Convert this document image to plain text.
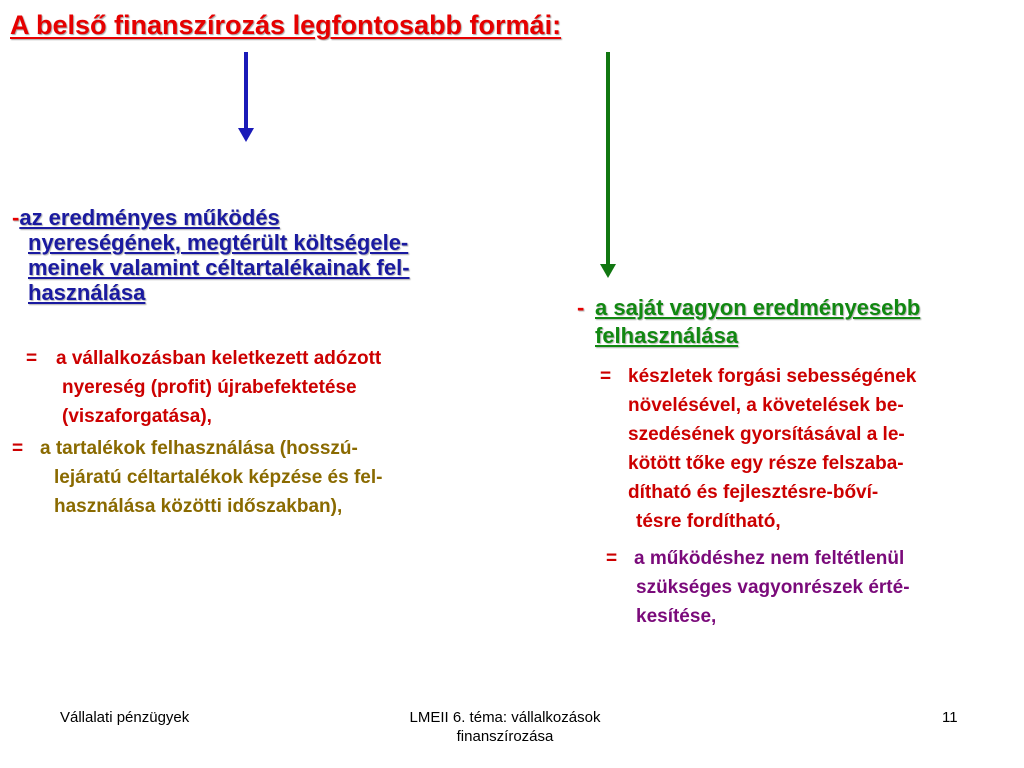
A belső finanszírozás legfontosabb formái:
-az eredményes működés
nyereségének, megtérült költségele-
meinek valamint céltartalékainak fel-
használása
= a vállalkozásban keletkezett adózott
nyereség (profit) újrabefektetése
(viszaforgatása),
= a tartalékok felhasználása (hosszú-
lejáratú céltartalékok képzése és fel-
használása közötti időszakban),
- a saját vagyon eredményesebb
felhasználása
= készletek forgási sebességének
növelésével, a követelések be-
szedésének gyorsításával a le-
kötött tőke egy része felszaba-
dítható és fejlesztésre-bőví-
tésre fordítható,
= a működéshez nem feltétlenül
szükséges vagyonrészek érté-
kesítése,
Vállalati pénzügyek	LMEII 6. téma: vállalkozások
finanszírozása
11
